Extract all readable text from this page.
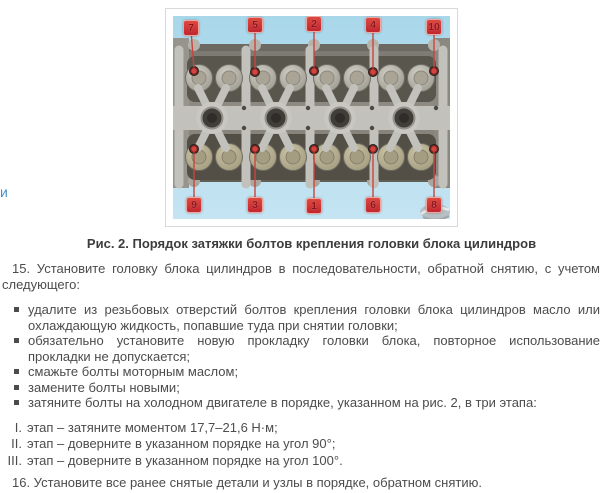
и
7	5	2	4	10
9	3	1	6	8
Рис. 2. Порядок затяжки болтов крепления головки блока цилиндров

15. Установите головку блока цилиндров в последовательности, обратной снятию, с учетом следующего:

удалите из резьбовых отверстий болтов крепления головки блока цилиндров масло или охлаждающую жидкость, попавшие туда при снятии головки;
обязательно установите новую прокладку головки блока, повторное использование прокладки не допускается;
смажьте болты моторным маслом;
замените болты новыми;
затяните болты на холодном двигателе в порядке, указанном на рис. 2, в три этапа:
I. этап – затяните моментом 17,7–21,6 Н·м;
II. этап – доверните в указанном порядке на угол 90°;
III. этап – доверните в указанном порядке на угол 100°.

16. Установите все ранее снятые детали и узлы в порядке, обратном снятию.
